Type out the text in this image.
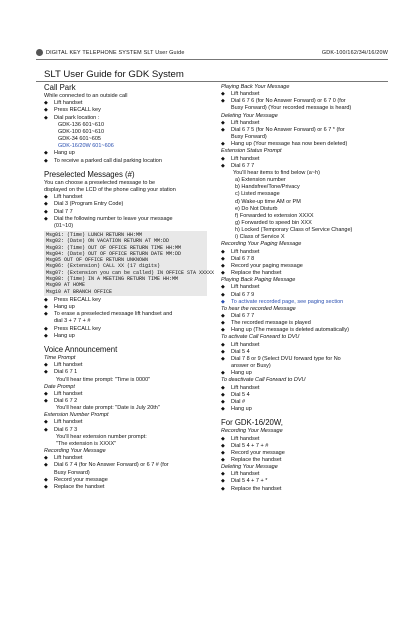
DIGITAL KEY TELEPHONE SYSTEM SLT User Guide	GDK-100/162/34i/16/20W
SLT User Guide for GDK System
Call Park
While connected to an outside call
◆ Lift handset
◆ Press RECALL key
◆ Dial park location :
GDK-136 601~610
GDK-100 601~610
GDK-34 601~605
GDK-16/20W 601~606
◆ Hang up
◆ To receive a parked call dial parking location
Preselected Messages (#)
You can choose a preselected message to be
displayed on the LCD of the phone calling your station
◆ Lift handset
◆ Dial 3 (Program Entry Code)
◆ Dial 7 7
◆ Dial the following number to leave your message
(01~10)
Msg01: (Time) LUNCH RETURN HH:MM
Msg02: (Date) ON VACATION RETURN AT MM:DD
Msg03: (Time) OUT OF OFFICE RETURN TIME HH:MM
Msg04: (Date) OUT OF OFFICE RETURN DATE MM:DD
Msg05 OUT OF OFFICE RETURN UNKNOWN
Msg06: (Extension) CALL XX (17 digits)
Msg07: (Extension you can be called) IN OFFICE STA XXXXX
Msg08: (Time) IN A MEETING RETURN TIME HH:MM
Msg09 AT HOME
Msg10 AT BRANCH OFFICE
◆ Press RECALL key
◆ Hang up
◆ To erase a preselected message lift handset and
dial 3 + 7 7 + #
◆ Press RECALL key
◆ Hang up
Voice Announcement
Time Prompt
◆ Lift handset
◆ Dial 6 7 1
You'll hear time prompt: "Time is 0000"
Date Prompt
◆ Lift handset
◆ Dial 6 7 2
You'll hear date prompt: "Date is July 20th"
Extension Number Prompt
◆ Lift handset
◆ Dial 6 7 3
You'll hear extension number prompt:
"The extension is XXXX"
Recording Your Message
◆ Lift handset
◆ Dial 6 7 4 (for No Answer Forward) or 6 7 # (for
Busy Forward)
◆ Record your message
◆ Replace the handset
Playing Back Your Message
◆ Lift handset
◆ Dial 6 7 6 (for No Answer Forward) or 6 7 0 (for
Busy Forward) (Your recorded message is heard)
Deleting Your Message
◆ Lift handset
◆ Dial 6 7 5 (for No Answer Forward) or 6 7 * (for
Busy Forward)
◆ Hang up (Your message has now been deleted)
Extension Status Prompt
◆ Lift handset
◆ Dial 6 7 7
You'll hear items to find below (a~h)
a) Extension number
b) Handsfree/Tone/Privacy
c) Listed message
d) Wake-up time AM or PM
e) Do Not Disturb
f) Forwarded to extension XXXX
g) Forwarded to speed bin XXX
h) Locked (Temporary Class of Service Change)
i) Class of Service X
Recording Your Paging Message
◆ Lift handset
◆ Dial 6 7 8
◆ Record your paging message
◆ Replace the handset
Playing Back Paging Message
◆ Lift handset
◆ Dial 6 7 9
◆ To activate recorded page, see paging section
To hear the recorded Message
◆ Dial 6 7 7
◆ The recorded message is played
◆ Hang up (The message is deleted automatically)
To activate Call Forward to DVU
◆ Lift handset
◆ Dial 5 4
◆ Dial 7 8 or 9 (Select DVU forward type for No
answer or Busy)
◆ Hang up
To deactivate Call Forward to DVU
◆ Lift handset
◆ Dial 5 4
◆ Dial #
◆ Hang up
For GDK-16/20W,
Recording Your Message
◆ Lift handset
◆ Dial 5 4 + 7 + #
◆ Record your message
◆ Replace the handset
Deleting Your Message
◆ Lift handset
◆ Dial 5 4 + 7 + *
◆ Replace the handset
